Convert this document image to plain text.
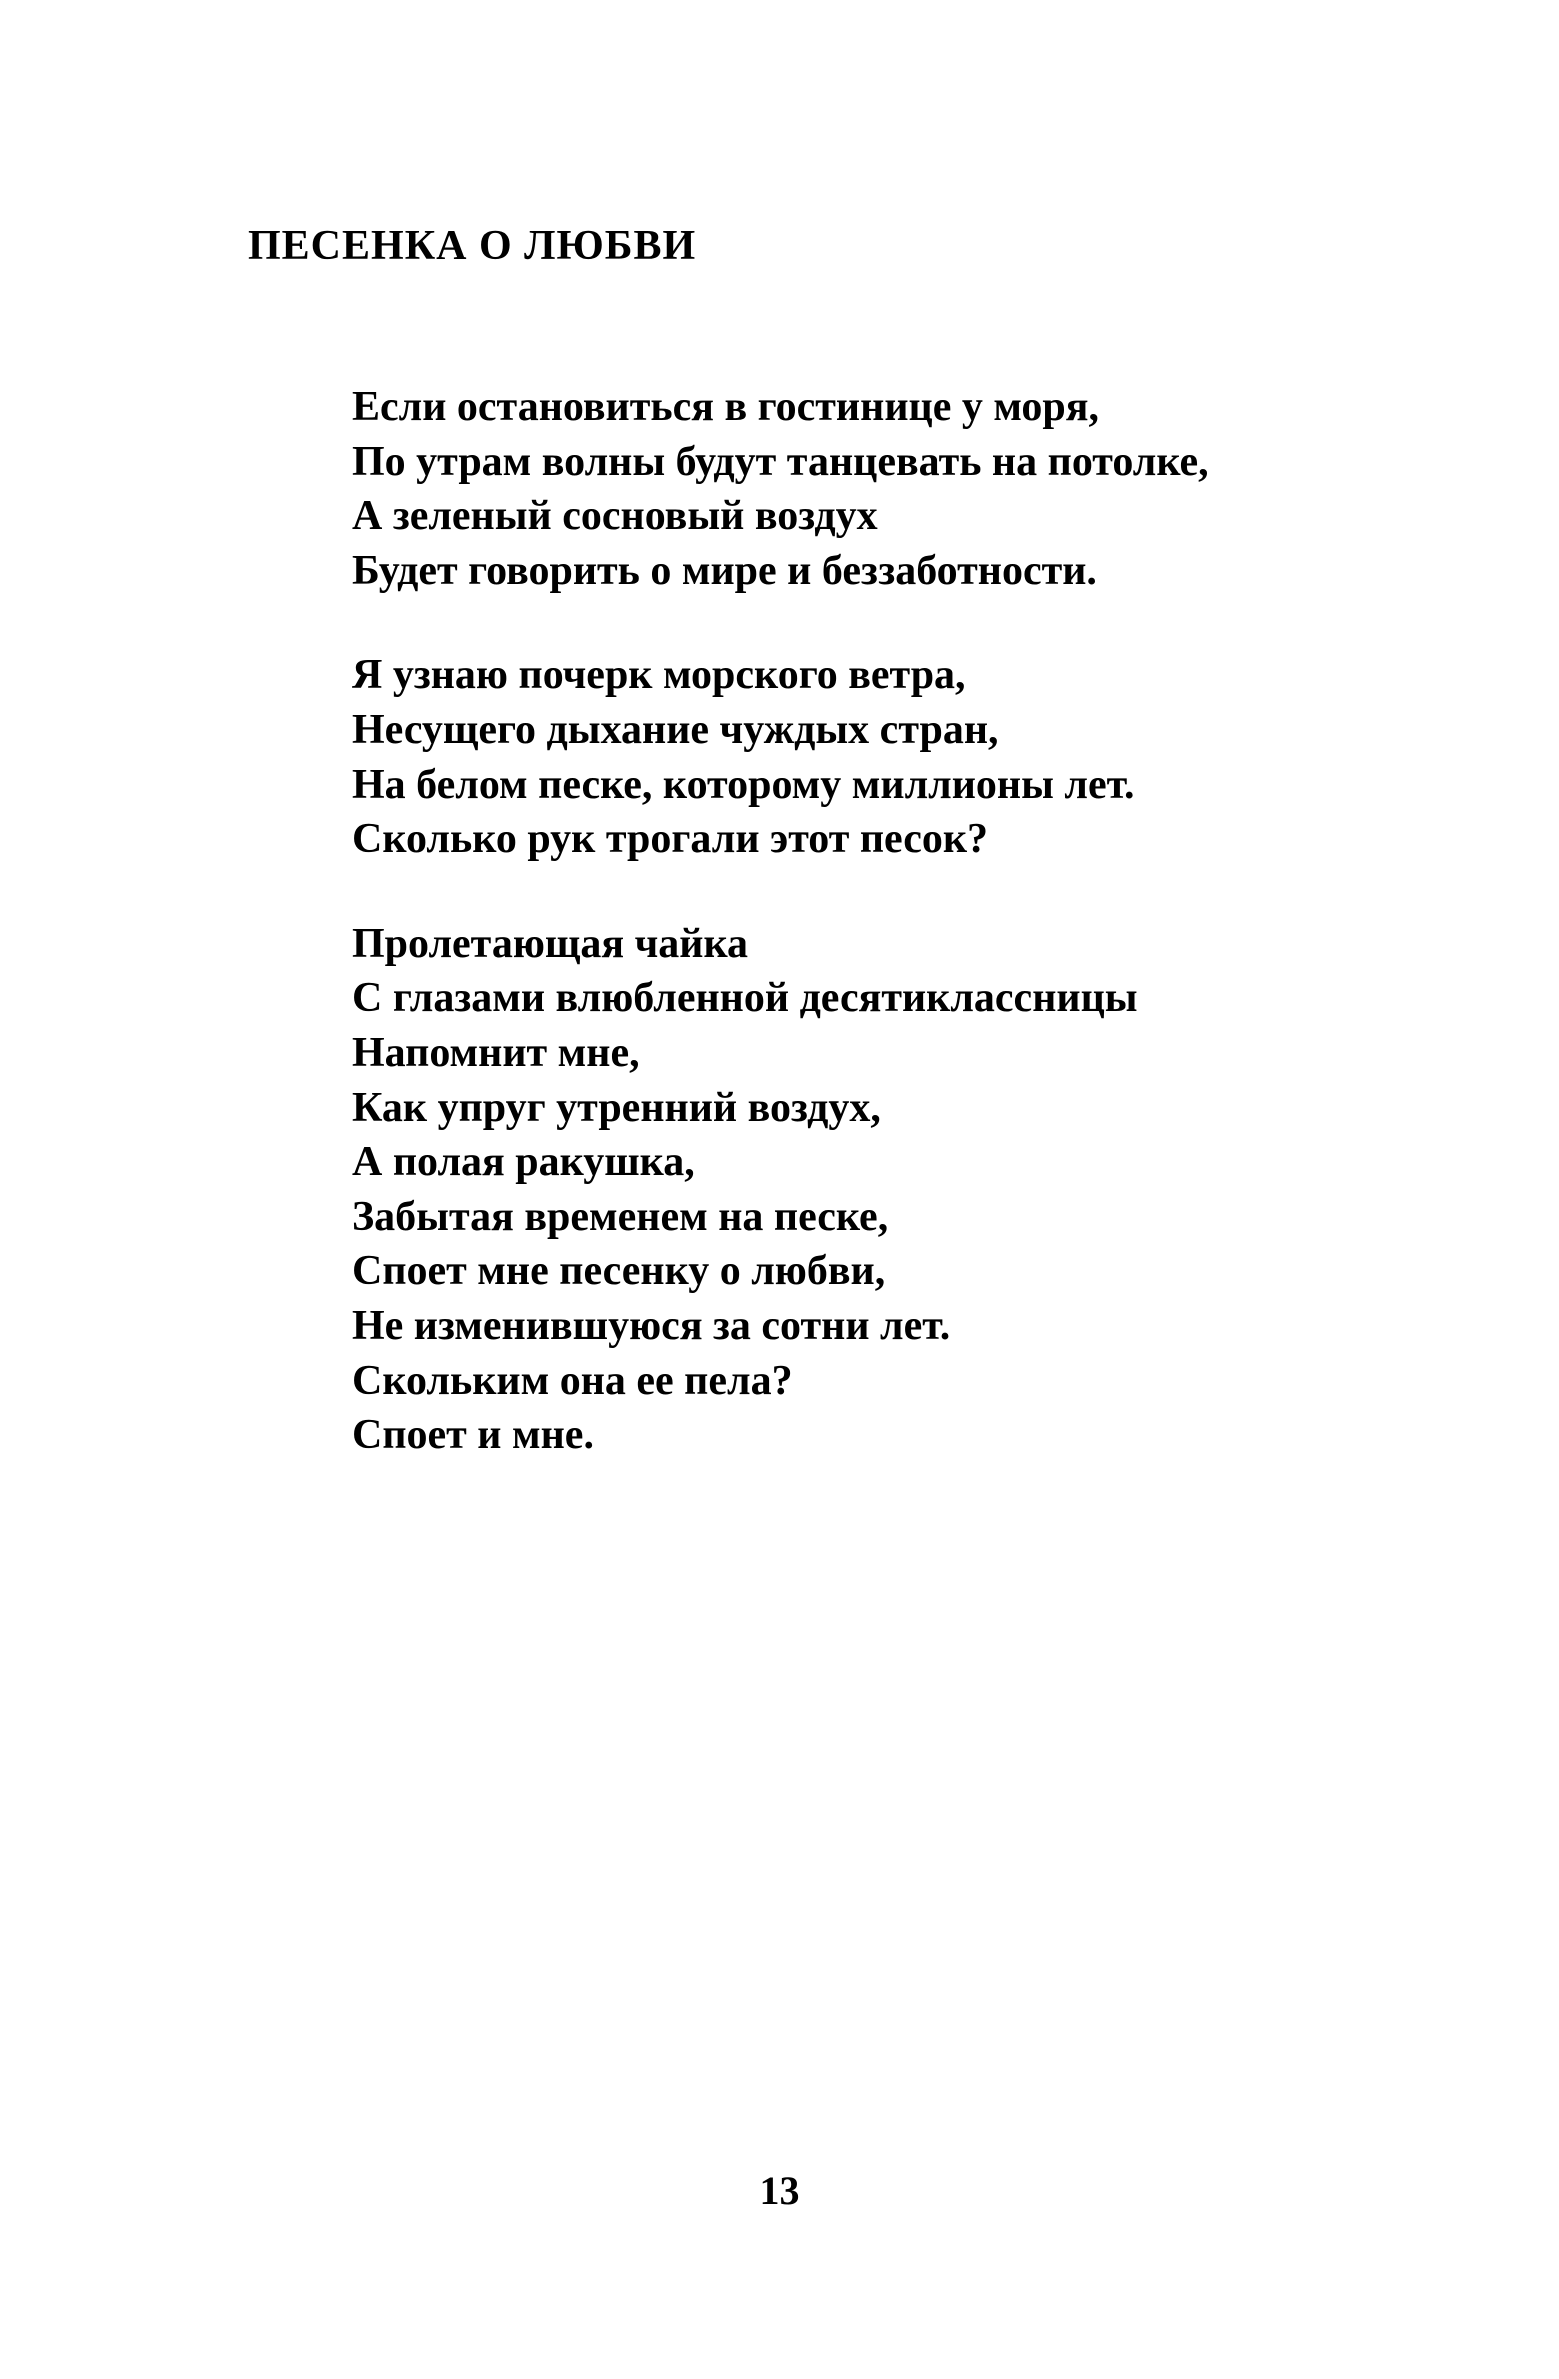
ПЕСЕНКА О ЛЮБВИ
Если остановиться в гостинице у моря,
По утрам волны будут танцевать на потолке,
А зеленый сосновый воздух
Будет говорить о мире и беззаботности.
Я узнаю почерк морского ветра,
Несущего дыхание чуждых стран,
На белом песке, которому миллионы лет.
Сколько рук трогали этот песок?
Пролетающая чайка
С глазами влюбленной десятиклассницы
Напомнит мне,
Как упруг утренний воздух,
А полая ракушка,
Забытая временем на песке,
Споет мне песенку о любви,
Не изменившуюся за сотни лет.
Скольким она ее пела?
Споет и мне.
13
